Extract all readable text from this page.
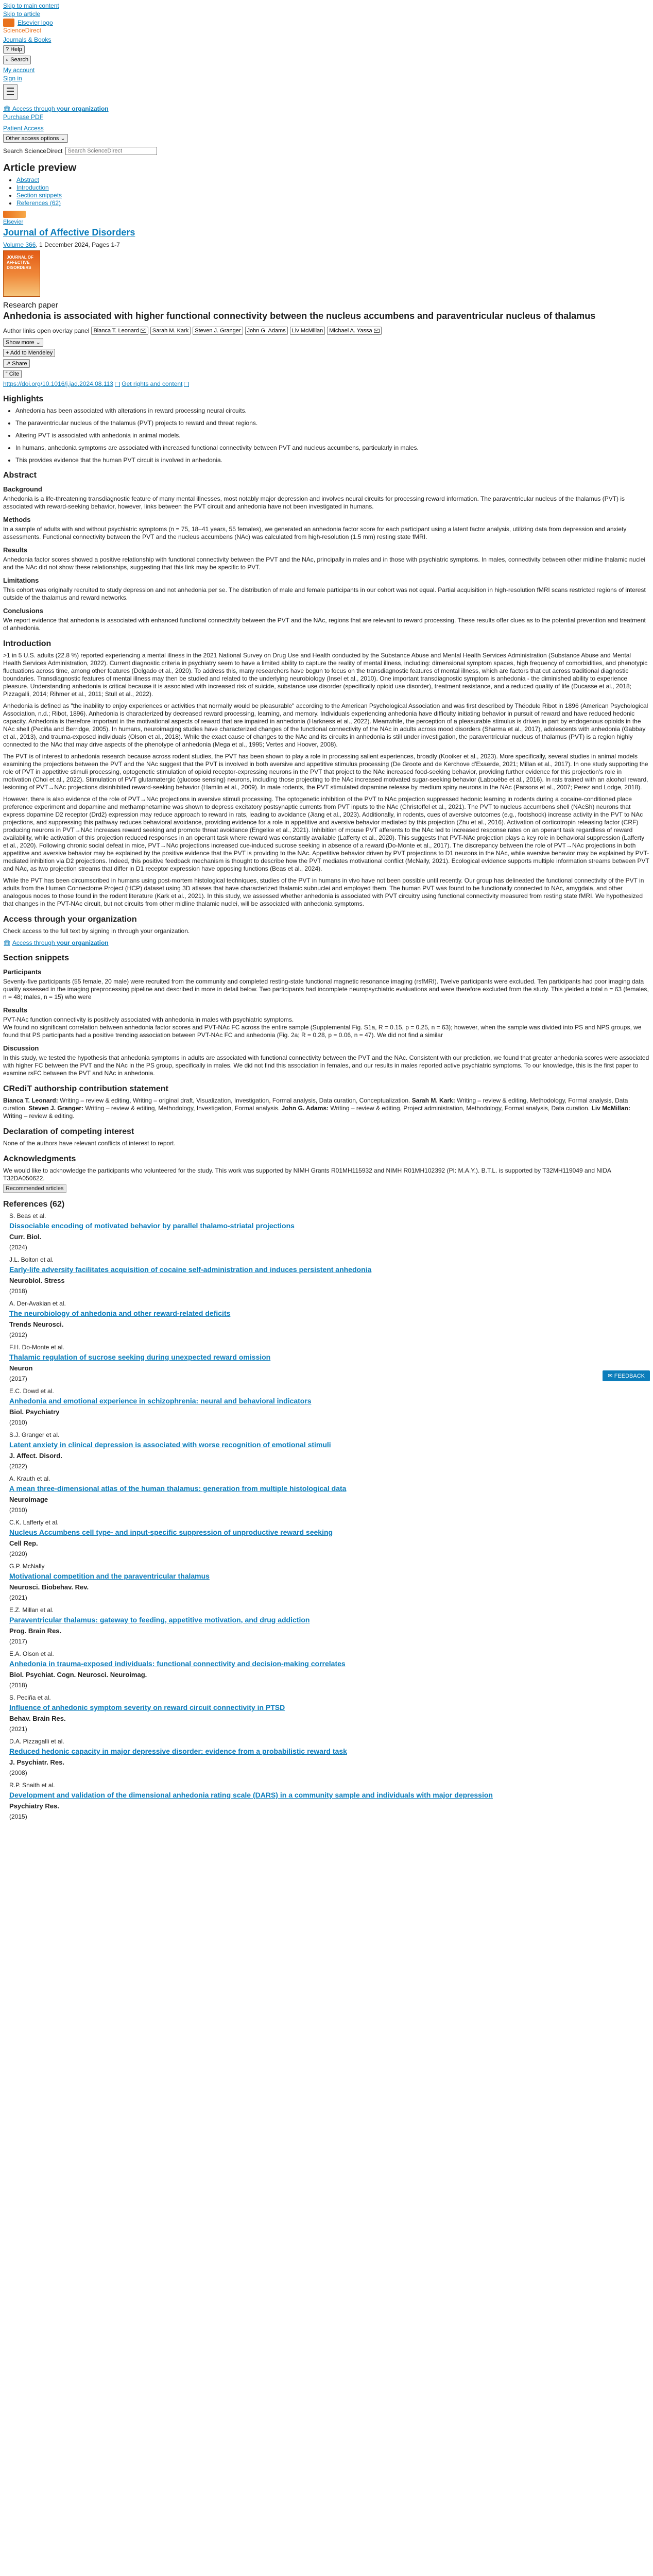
Skip to main content
Skip to article
Elsevier logo
ScienceDirect
Journals & Books
? Help
⌕ Search
My account
Sign in
🏛 Access through your organization
Purchase PDF
Patient Access
Other access options ⌄
Search ScienceDirect
Search ScienceDirect
Article preview
• Abstract
• Introduction
• Section snippets
• References (62)
Elsevier
Journal of Affective Disorders
Volume 366, 1 December 2024, Pages 1-7
JOURNAL OF AFFECTIVE DISORDERS
Research paper
Anhedonia is associated with higher functional connectivity between the nucleus accumbens and paraventricular nucleus of thalamus
Author links open overlay panel Bianca T. Leonard Sarah M. Kark Steven J. Granger John G. Adams Liv McMillan Michael A. Yassa
Show more ⌄
+ Add to Mendeley
↗ Share
“ Cite
https://doi.org/10.1016/j.jad.2024.08.113 Get rights and content
Highlights
• Anhedonia has been associated with alterations in reward processing neural circuits.
• The paraventricular nucleus of the thalamus (PVT) projects to reward and threat regions.
• Altering PVT is associated with anhedonia in animal models.
• In humans, anhedonia symptoms are associated with increased functional connectivity between PVT and nucleus accumbens, particularly in males.
• This provides evidence that the human PVT circuit is involved in anhedonia.
Abstract
Background

Anhedonia is a life-threatening transdiagnostic feature of many mental illnesses, most notably major depression and involves neural circuits for processing reward information. The paraventricular nucleus of the thalamus (PVT) is associated with reward-seeking behavior, however, links between the PVT circuit and anhedonia have not been investigated in humans.

Methods

In a sample of adults with and without psychiatric symptoms (n = 75, 18–41 years, 55 females), we generated an anhedonia factor score for each participant using a latent factor analysis, utilizing data from depression and anxiety assessments. Functional connectivity between the PVT and the nucleus accumbens (NAc) was calculated from high-resolution (1.5 mm) resting state fMRI.

Results

Anhedonia factor scores showed a positive relationship with functional connectivity between the PVT and the NAc, principally in males and in those with psychiatric symptoms. In males, connectivity between other midline thalamic nuclei and the NAc did not show these relationships, suggesting that this link may be specific to PVT.

Limitations

This cohort was originally recruited to study depression and not anhedonia per se. The distribution of male and female participants in our cohort was not equal. Partial acquisition in high-resolution fMRI scans restricted regions of interest outside of the thalamus and reward networks.

Conclusions

We report evidence that anhedonia is associated with enhanced functional connectivity between the PVT and the NAc, regions that are relevant to reward processing. These results offer clues as to the potential prevention and treatment of anhedonia.

Introduction

>1 in 5 U.S. adults (22.8 %) reported experiencing a mental illness in the 2021 National Survey on Drug Use and Health conducted by the Substance Abuse and Mental Health Services Administration (Substance Abuse and Mental Health Services Administration, 2022). Current diagnostic criteria in psychiatry seem to have a limited ability to capture the reality of mental illness, including: dimensional symptom spaces, high frequency of comorbidities, and phenotypic fluctuations across time, among other features (Delgado et al., 2020). To address this, many researchers have begun to focus on the transdiagnostic features of mental illness, which are factors that cut across traditional diagnostic boundaries. Transdiagnostic features of mental illness may then be studied and related to the underlying neurobiology (Insel et al., 2010). One important transdiagnostic symptom is anhedonia - the diminished ability to experience pleasure. Understanding anhedonia is critical because it is associated with increased risk of suicide, substance use disorder (specifically opioid use disorder), treatment resistance, and a reduced quality of life (Ducasse et al., 2018; Pizzagalli, 2014; Rihmer et al., 2011; Stull et al., 2022).

Anhedonia is defined as "the inability to enjoy experiences or activities that normally would be pleasurable" according to the American Psychological Association and was first described by Théodule Ribot in 1896 (American Psychological Association, n.d.; Ribot, 1896). Anhedonia is characterized by decreased reward processing, learning, and memory. Individuals experiencing anhedonia have difficulty initiating behavior in pursuit of reward and have reduced hedonic capacity. Anhedonia is therefore important in the motivational aspects of reward that are impaired in anhedonia (Harkness et al., 2022). Meanwhile, the perception of a pleasurable stimulus is driven in part by endogenous opioids in the NAc shell (Peciña and Berridge, 2005). In humans, neuroimaging studies have characterized changes of the functional connectivity of the NAc in adults across mood disorders (Sharma et al., 2017), adolescents with anhedonia (Gabbay et al., 2013), and trauma-exposed individuals (Olson et al., 2018). While the exact cause of changes to the NAc and its circuits in anhedonia is still under investigation, the paraventricular nucleus of thalamus (PVT) is a region highly connected to the NAc that may drive aspects of the phenotype of anhedonia (Mega et al., 1995; Vertes and Hoover, 2008).

The PVT is of interest to anhedonia research because across rodent studies, the PVT has been shown to play a role in processing salient experiences, broadly (Kooiker et al., 2023). More specifically, several studies in animal models examining the projections between the PVT and the NAc suggest that the PVT is involved in both aversive and appetitive stimulus processing (De Groote and de Kerchove d'Exaerde, 2021; Millan et al., 2017). In one study supporting the role of PVT in appetitive stimuli processing, optogenetic stimulation of opioid receptor-expressing neurons in the PVT that project to the NAc increased food-seeking behavior, providing further evidence for this projection's role in motivation (Choi et al., 2022). Stimulation of PVT glutamatergic (glucose sensing) neurons, including those projecting to the NAc increased motivated sugar-seeking behavior (Labouèbe et al., 2016). In rats trained with an alcohol reward, lesioning of PVT→NAc projections disinhibited reward-seeking behavior (Hamlin et al., 2009). In male rodents, the PVT stimulated dopamine release by medium spiny neurons in the NAc (Parsons et al., 2007; Perez and Lodge, 2018).

However, there is also evidence of the role of PVT→NAc projections in aversive stimuli processing. The optogenetic inhibition of the PVT to NAc projection suppressed hedonic learning in rodents during a cocaine-conditioned place preference experiment and dopamine and methamphetamine was shown to depress excitatory postsynaptic currents from PVT inputs to the NAc (Christoffel et al., 2021). The PVT to nucleus accumbens shell (NAcSh) neurons that express dopamine D2 receptor (Drd2) expression may reduce approach to reward in rats, leading to avoidance (Jiang et al., 2023). Additionally, in rodents, cues of aversive outcomes (e.g., footshock) increase activity in the PVT to NAc projections, and suppressing this pathway reduces behavioral avoidance, providing evidence for a role in appetitive and aversive behavior mediated by this projection (Zhu et al., 2016). Activation of corticotropin releasing factor (CRF) producing neurons in PVT→NAc increases reward seeking and promote threat avoidance (Engelke et al., 2021). Inhibition of mouse PVT afferents to the NAc led to increased response rates on an operant task regardless of reward availability, while activation of this projection reduced responses in an operant task where reward was constantly available (Lafferty et al., 2020). This suggests that PVT-NAc projection plays a key role in behavioral suppression (Lafferty et al., 2020). Following chronic social defeat in mice, PVT→NAc projections increased cue-induced sucrose seeking in absence of a reward (Do-Monte et al., 2017). The discrepancy between the role of PVT→NAc projections in both appetitive and aversive behavior may be explained by the positive evidence that the PVT is providing to the NAc. Appetitive behavior driven by PVT projections to D1 neurons in the NAc, while aversive behavior may be explained by PVT-mediated inhibition via D2 projections. Indeed, this positive feedback mechanism is thought to describe how the PVT mediates motivational conflict (McNally, 2021). Ecological evidence supports multiple information streams between PVT and NAc, as two projection streams that differ in D1 receptor expression have opposing functions (Beas et al., 2024).

While the PVT has been circumscribed in humans using post-mortem histological techniques, studies of the PVT in humans in vivo have not been possible until recently. Our group has delineated the functional connectivity of the PVT in adults from the Human Connectome Project (HCP) dataset using 3D atlases that have characterized thalamic subnuclei and employed them. The human PVT was found to be functionally connected to NAc, amygdala, and other analogous nodes to those found in the rodent literature (Kark et al., 2021). In this study, we assessed whether anhedonia is associated with PVT circuitry using functional connectivity measured from resting state fMRI. We hypothesized that changes in the PVT-NAc circuit, but not circuits from other midline thalamic nuclei, will be associated with anhedonia symptoms.

Access through your organization

Check access to the full text by signing in through your organization.

🏛 Access through your organization
Section snippets
Participants

Seventy-five participants (55 female, 20 male) were recruited from the community and completed resting-state functional magnetic resonance imaging (rsfMRI). Twelve participants were excluded. Ten participants had poor imaging data quality assessed in the imaging preprocessing pipeline and described in more in detail below. Two participants had incomplete neuropsychiatric evaluations and were therefore excluded from the study. This yielded a total n = 63 (females, n = 48; males, n = 15) who were

Results

PVT-NAc function connectivity is positively associated with anhedonia in males with psychiatric symptoms.
We found no significant correlation between anhedonia factor scores and PVT-NAc FC across the entire sample (Supplemental Fig. S1a, R = 0.15, p = 0.25, n = 63); however, when the sample was divided into PS and NPS groups, we found that PS participants had a positive trending association between PVT-NAc FC and anhedonia (Fig. 2a; R = 0.28, p = 0.06, n = 47). We did not find a similar

Discussion

In this study, we tested the hypothesis that anhedonia symptoms in adults are associated with functional connectivity between the PVT and the NAc. Consistent with our prediction, we found that greater anhedonia scores were associated with higher FC between the PVT and the NAc in the PS group, specifically in males. We did not find this association in females, and our results in males reported active psychiatric symptoms. To our knowledge, this is the first paper to examine rsFC between the PVT and NAc in anhedonia.

CRediT authorship contribution statement

Bianca T. Leonard: Writing – review & editing, Writing – original draft, Visualization, Investigation, Formal analysis, Data curation, Conceptualization. Sarah M. Kark: Writing – review & editing, Methodology, Formal analysis, Data curation. Steven J. Granger: Writing – review & editing, Methodology, Investigation, Formal analysis. John G. Adams: Writing – review & editing, Project administration, Methodology, Formal analysis, Data curation. Liv McMillan: Writing – review & editing.

✉ FEEDBACK
Declaration of competing interest

None of the authors have relevant conflicts of interest to report.

Acknowledgments

We would like to acknowledge the participants who volunteered for the study. This work was supported by NIMH Grants R01MH115932 and NIMH R01MH102392 (PI: M.A.Y.). B.T.L. is supported by T32MH119049 and NIDA T32DA050622.

Recommended articles
References (62)
S. Beas et al.
Dissociable encoding of motivated behavior by parallel thalamo-striatal projections
Curr. Biol.
(2024)
J.L. Bolton et al.
Early-life adversity facilitates acquisition of cocaine self-administration and induces persistent anhedonia
Neurobiol. Stress
(2018)
A. Der-Avakian et al.
The neurobiology of anhedonia and other reward-related deficits
Trends Neurosci.
(2012)
F.H. Do-Monte et al.
Thalamic regulation of sucrose seeking during unexpected reward omission
Neuron
(2017)
E.C. Dowd et al.
Anhedonia and emotional experience in schizophrenia: neural and behavioral indicators
Biol. Psychiatry
(2010)
S.J. Granger et al.
Latent anxiety in clinical depression is associated with worse recognition of emotional stimuli
J. Affect. Disord.
(2022)
A. Krauth et al.
A mean three-dimensional atlas of the human thalamus: generation from multiple histological data
Neuroimage
(2010)
C.K. Lafferty et al.
Nucleus Accumbens cell type- and input-specific suppression of unproductive reward seeking
Cell Rep.
(2020)
G.P. McNally
Motivational competition and the paraventricular thalamus
Neurosci. Biobehav. Rev.
(2021)
E.Z. Millan et al.
Paraventricular thalamus: gateway to feeding, appetitive motivation, and drug addiction
Prog. Brain Res.
(2017)
E.A. Olson et al.
Anhedonia in trauma-exposed individuals: functional connectivity and decision-making correlates
Biol. Psychiat. Cogn. Neurosci. Neuroimag.
(2018)
S. Peciña et al.
Influence of anhedonic symptom severity on reward circuit connectivity in PTSD
Behav. Brain Res.
(2021)
D.A. Pizzagalli et al.
Reduced hedonic capacity in major depressive disorder: evidence from a probabilistic reward task
J. Psychiatr. Res.
(2008)
R.P. Snaith et al.
Development and validation of the dimensional anhedonia rating scale (DARS) in a community sample and individuals with major depression
Psychiatry Res.
(2015)
